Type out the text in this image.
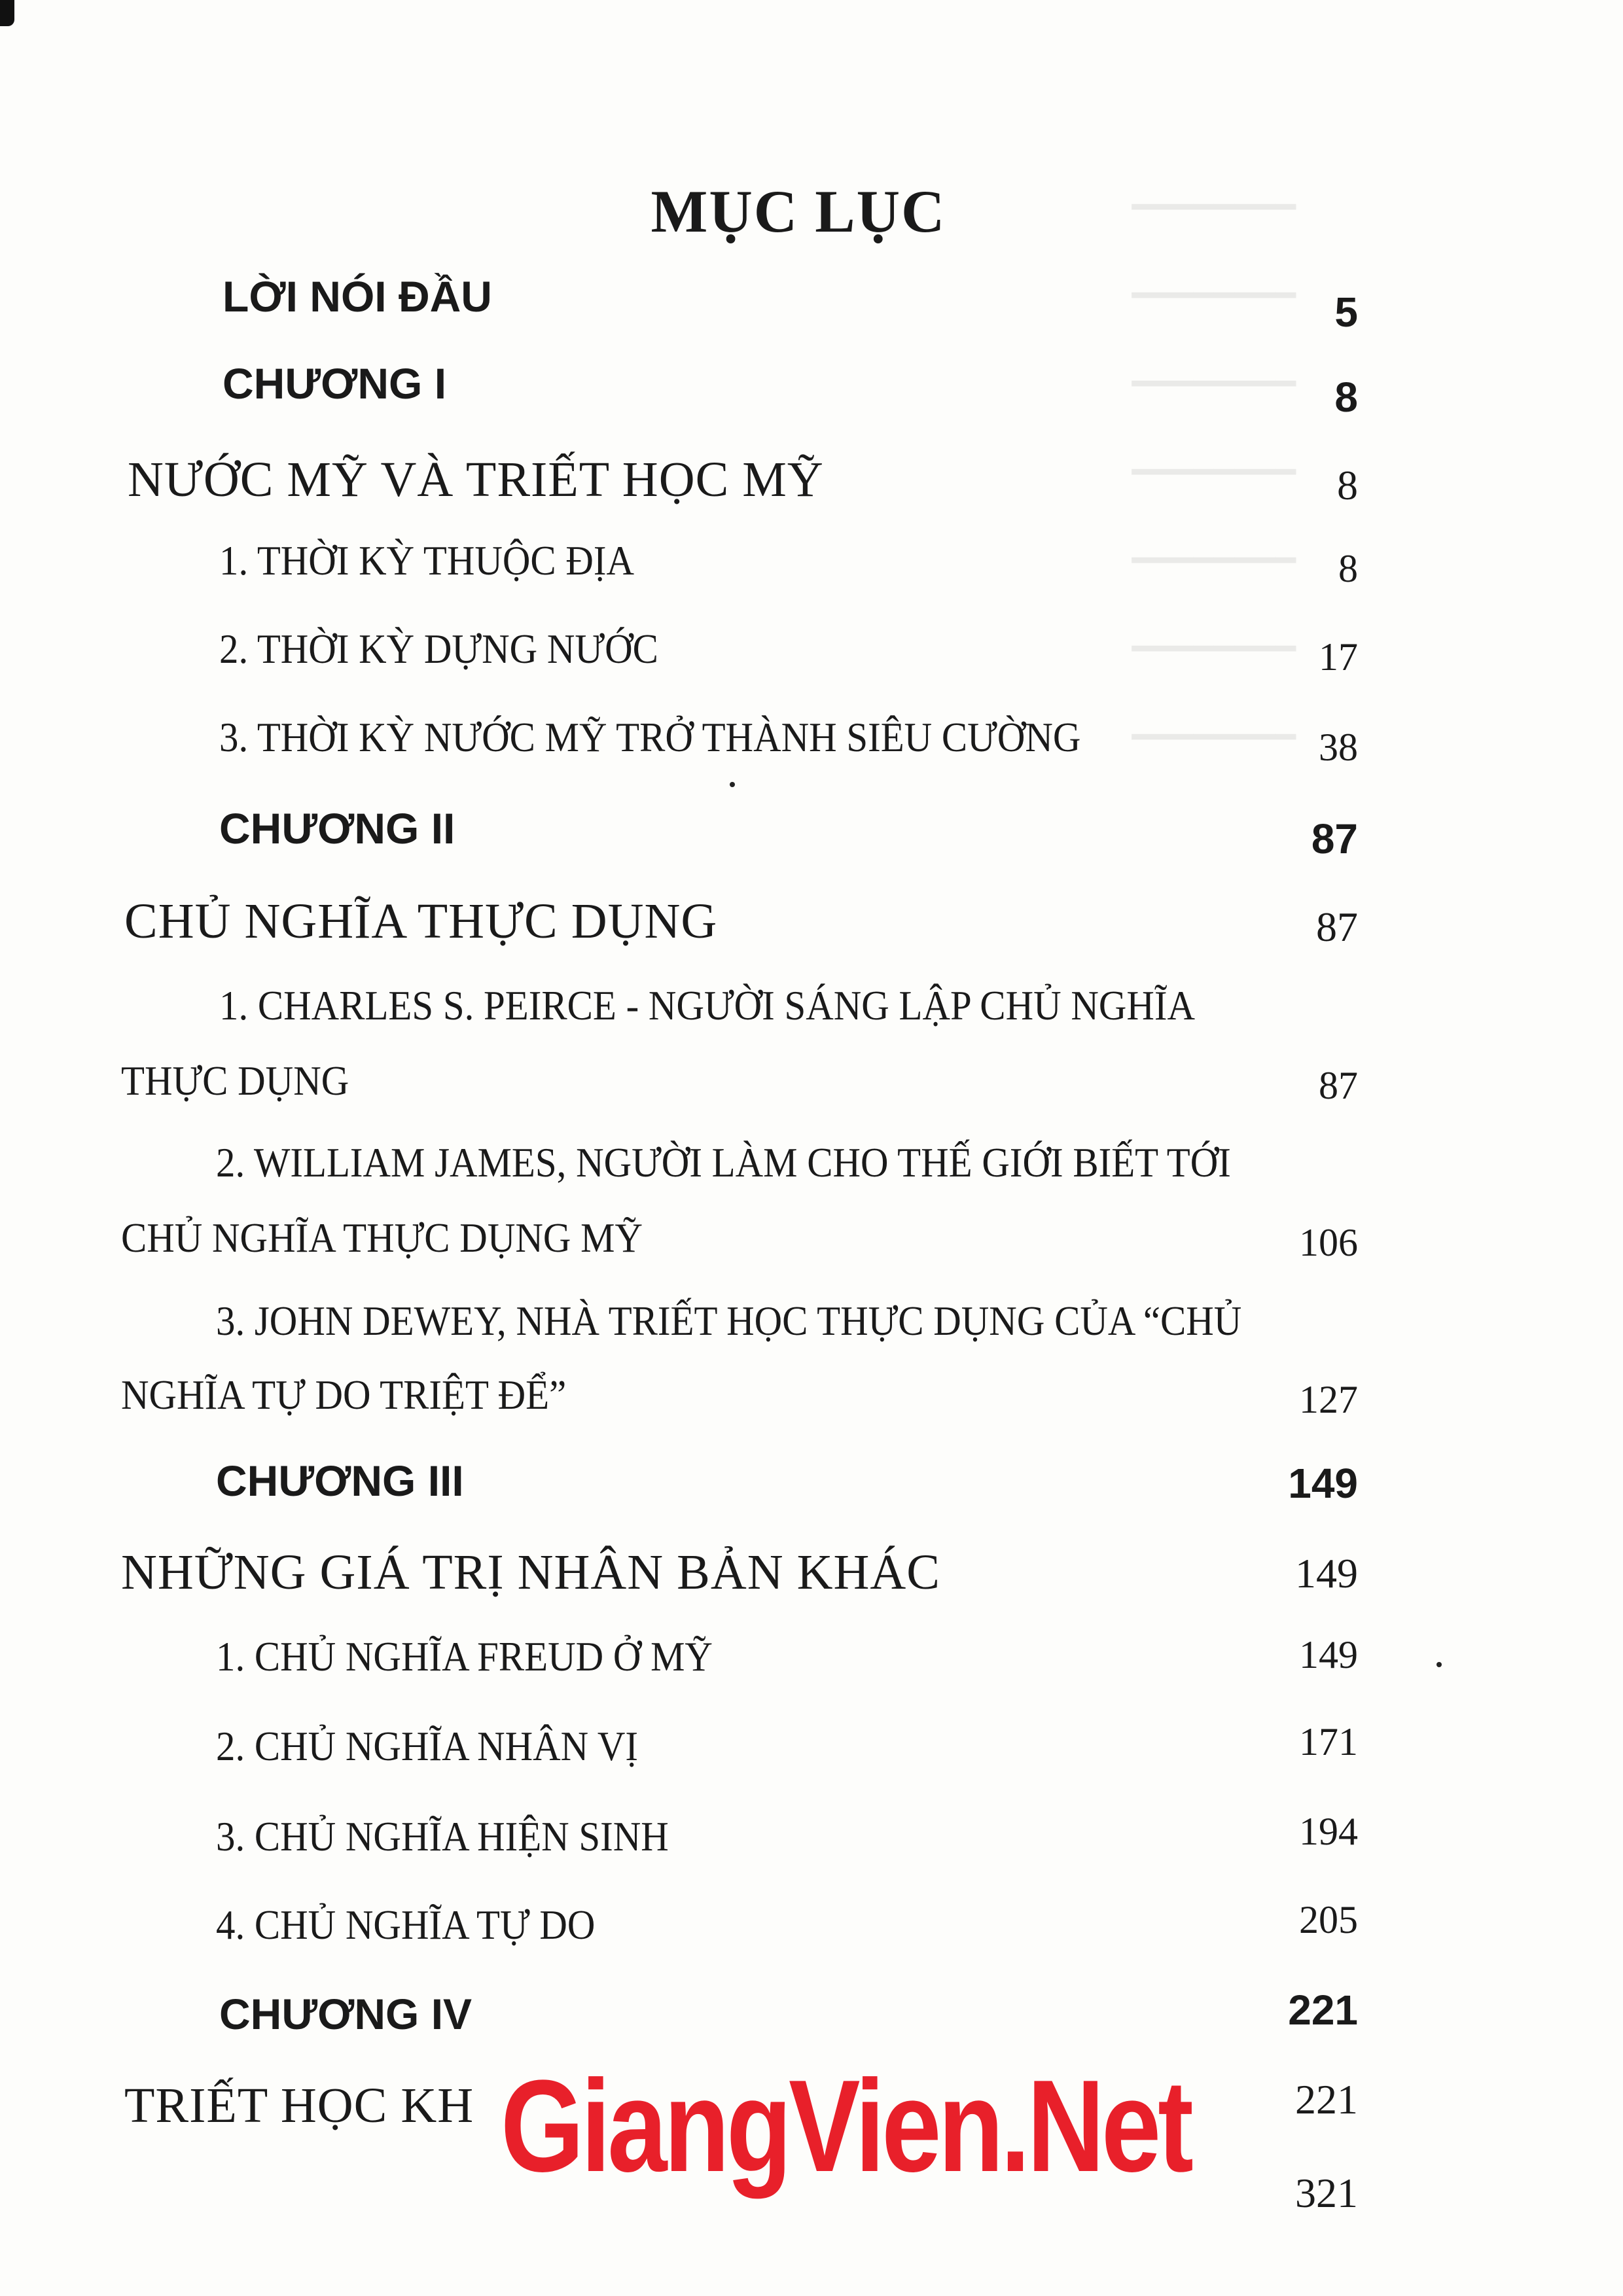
━━━━━━━━
━━━━━━━━
━━━━━━━━
━━━━━━━━
━━━━━━━━
━━━━━━━━
━━━━━━━━
MỤC LỤC
LỜI NÓI ĐẦU	5
CHƯƠNG I	8
NƯỚC MỸ VÀ TRIẾT HỌC MỸ	8
1. THỜI KỲ THUỘC ĐỊA	8
2. THỜI KỲ DỰNG NƯỚC	17
3. THỜI KỲ NƯỚC MỸ TRỞ THÀNH SIÊU CƯỜNG	38
CHƯƠNG II	87
CHỦ NGHĨA THỰC DỤNG	87
1. CHARLES S. PEIRCE - NGƯỜI SÁNG LẬP CHỦ NGHĨA
THỰC DỤNG	87
2. WILLIAM JAMES, NGƯỜI LÀM CHO THẾ GIỚI BIẾT TỚI
CHỦ NGHĨA THỰC DỤNG MỸ	106
3. JOHN DEWEY, NHÀ TRIẾT HỌC THỰC DỤNG CỦA “CHỦ
NGHĨA TỰ DO TRIỆT ĐỂ”	127
CHƯƠNG III	149
NHỮNG GIÁ TRỊ NHÂN BẢN KHÁC	149
1. CHỦ NGHĨA FREUD Ở MỸ	149
2. CHỦ NGHĨA NHÂN VỊ	171
3. CHỦ NGHĨA HIỆN SINH	194
4. CHỦ NGHĨA TỰ DO	205
CHƯƠNG IV	221
TRIẾT HỌC KH	221
321
GiangVien.Net
